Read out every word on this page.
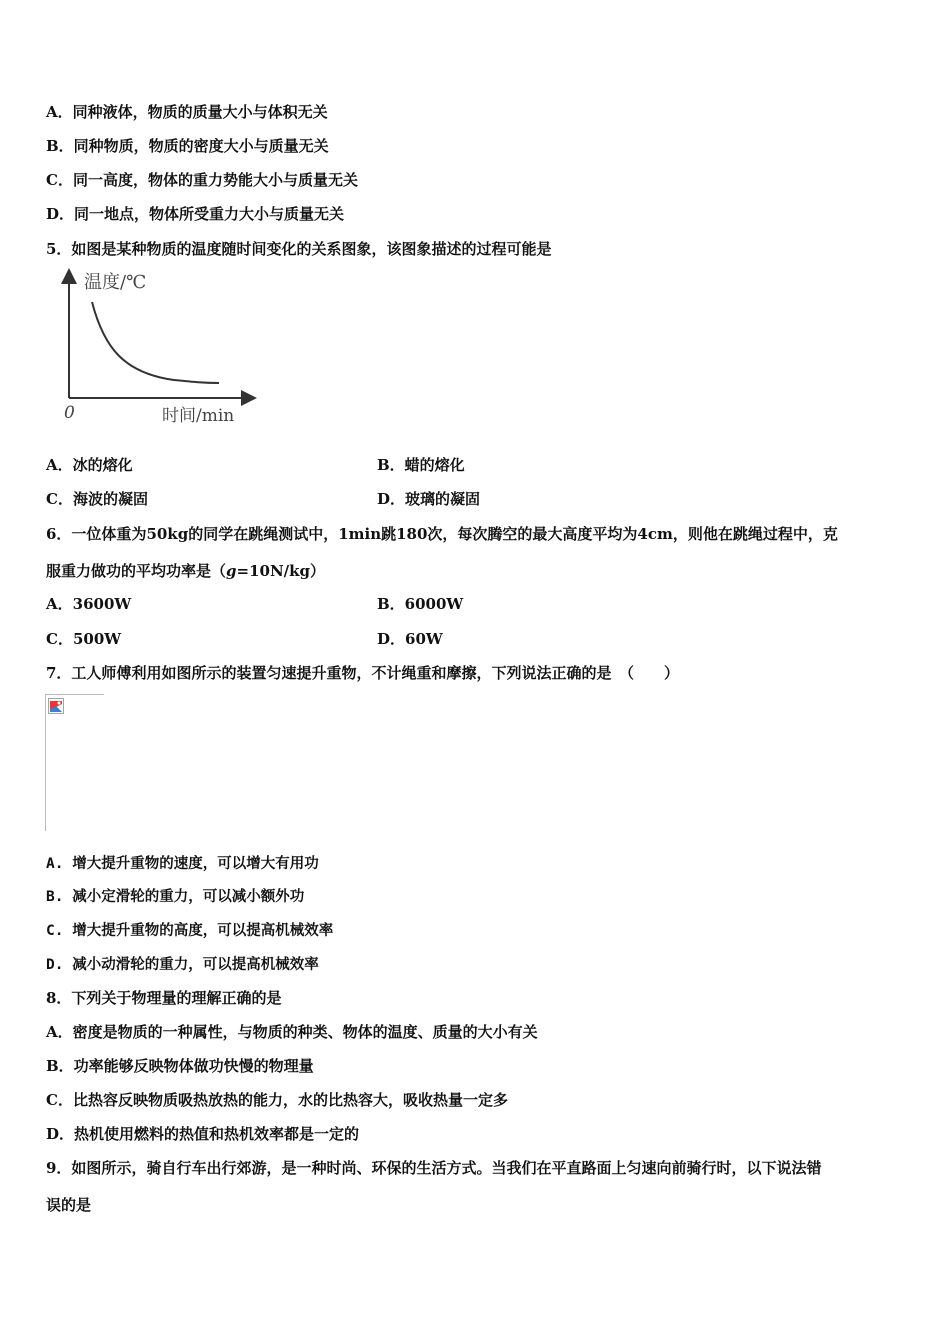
A．同种液体，物质的质量大小与体积无关
B．同种物质，物质的密度大小与质量无关
C．同一高度，物体的重力势能大小与质量无关
D．同一地点，物体所受重力大小与质量无关
5．如图是某种物质的温度随时间变化的关系图象，该图象描述的过程可能是
温度/℃
0	时间/min
A．冰的熔化	B．蜡的熔化
C．海波的凝固	D．玻璃的凝固
6．一位体重为50kg的同学在跳绳测试中，1min跳180次，每次腾空的最大高度平均为4cm，则他在跳绳过程中，克
服重力做功的平均功率是（g=10N/kg）
A．3600W	B．6000W
C．500W	D．60W
7．工人师傅利用如图所示的装置匀速提升重物，不计绳重和摩擦，下列说法正确的是　（　　）
A. 增大提升重物的速度，可以增大有用功
B. 减小定滑轮的重力，可以减小额外功
C. 增大提升重物的高度，可以提高机械效率
D. 减小动滑轮的重力，可以提高机械效率
8．下列关于物理量的理解正确的是
A．密度是物质的一种属性，与物质的种类、物体的温度、质量的大小有关
B．功率能够反映物体做功快慢的物理量
C．比热容反映物质吸热放热的能力，水的比热容大，吸收热量一定多
D．热机使用燃料的热值和热机效率都是一定的
9．如图所示，骑自行车出行郊游，是一种时尚、环保的生活方式。当我们在平直路面上匀速向前骑行时，以下说法错
误的是
